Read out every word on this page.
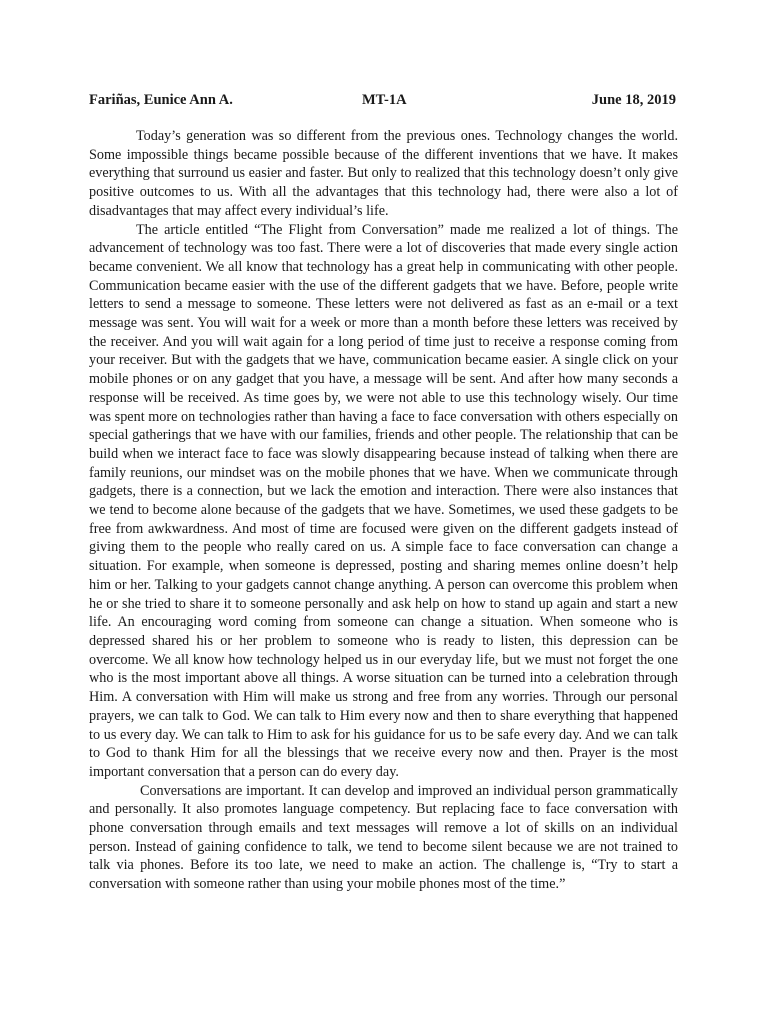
Fariñas, Eunice Ann A.	MT-1A	June 18, 2019

Today’s generation was so different from the previous ones. Technology changes the world. Some impossible things became possible because of the different inventions that we have. It makes everything that surround us easier and faster. But only to realized that this technology doesn’t only give positive outcomes to us. With all the advantages that this technology had, there were also a lot of disadvantages that may affect every individual’s life.

The article entitled “The Flight from Conversation” made me realized a lot of things. The advancement of technology was too fast. There were a lot of discoveries that made every single action became convenient. We all know that technology has a great help in communicating with other people. Communication became easier with the use of the different gadgets that we have. Before, people write letters to send a message to someone. These letters were not delivered as fast as an e-mail or a text message was sent. You will wait for a week or more than a month before these letters was received by the receiver. And you will wait again for a long period of time just to receive a response coming from your receiver. But with the gadgets that we have, communication became easier. A single click on your mobile phones or on any gadget that you have, a message will be sent. And after how many seconds a response will be received. As time goes by, we were not able to use this technology wisely. Our time was spent more on technologies rather than having a face to face conversation with others especially on special gatherings that we have with our families, friends and other people. The relationship that can be build when we interact face to face was slowly disappearing because instead of talking when there are family reunions, our mindset was on the mobile phones that we have. When we communicate through gadgets, there is a connection, but we lack the emotion and interaction. There were also instances that we tend to become alone because of the gadgets that we have. Sometimes, we used these gadgets to be free from awkwardness. And most of time are focused were given on the different gadgets instead of giving them to the people who really cared on us. A simple face to face conversation can change a situation. For example, when someone is depressed, posting and sharing memes online doesn’t help him or her. Talking to your gadgets cannot change anything. A person can overcome this problem when he or she tried to share it to someone personally and ask help on how to stand up again and start a new life. An encouraging word coming from someone can change a situation. When someone who is depressed shared his or her problem to someone who is ready to listen, this depression can be overcome. We all know how technology helped us in our everyday life, but we must not forget the one who is the most important above all things. A worse situation can be turned into a celebration through Him. A conversation with Him will make us strong and free from any worries. Through our personal prayers, we can talk to God. We can talk to Him every now and then to share everything that happened to us every day. We can talk to Him to ask for his guidance for us to be safe every day. And we can talk to God to thank Him for all the blessings that we receive every now and then. Prayer is the most important conversation that a person can do every day.

Conversations are important. It can develop and improved an individual person grammatically and personally. It also promotes language competency. But replacing face to face conversation with phone conversation through emails and text messages will remove a lot of skills on an individual person. Instead of gaining confidence to talk, we tend to become silent because we are not trained to talk via phones. Before its too late, we need to make an action. The challenge is, “Try to start a conversation with someone rather than using your mobile phones most of the time.”
